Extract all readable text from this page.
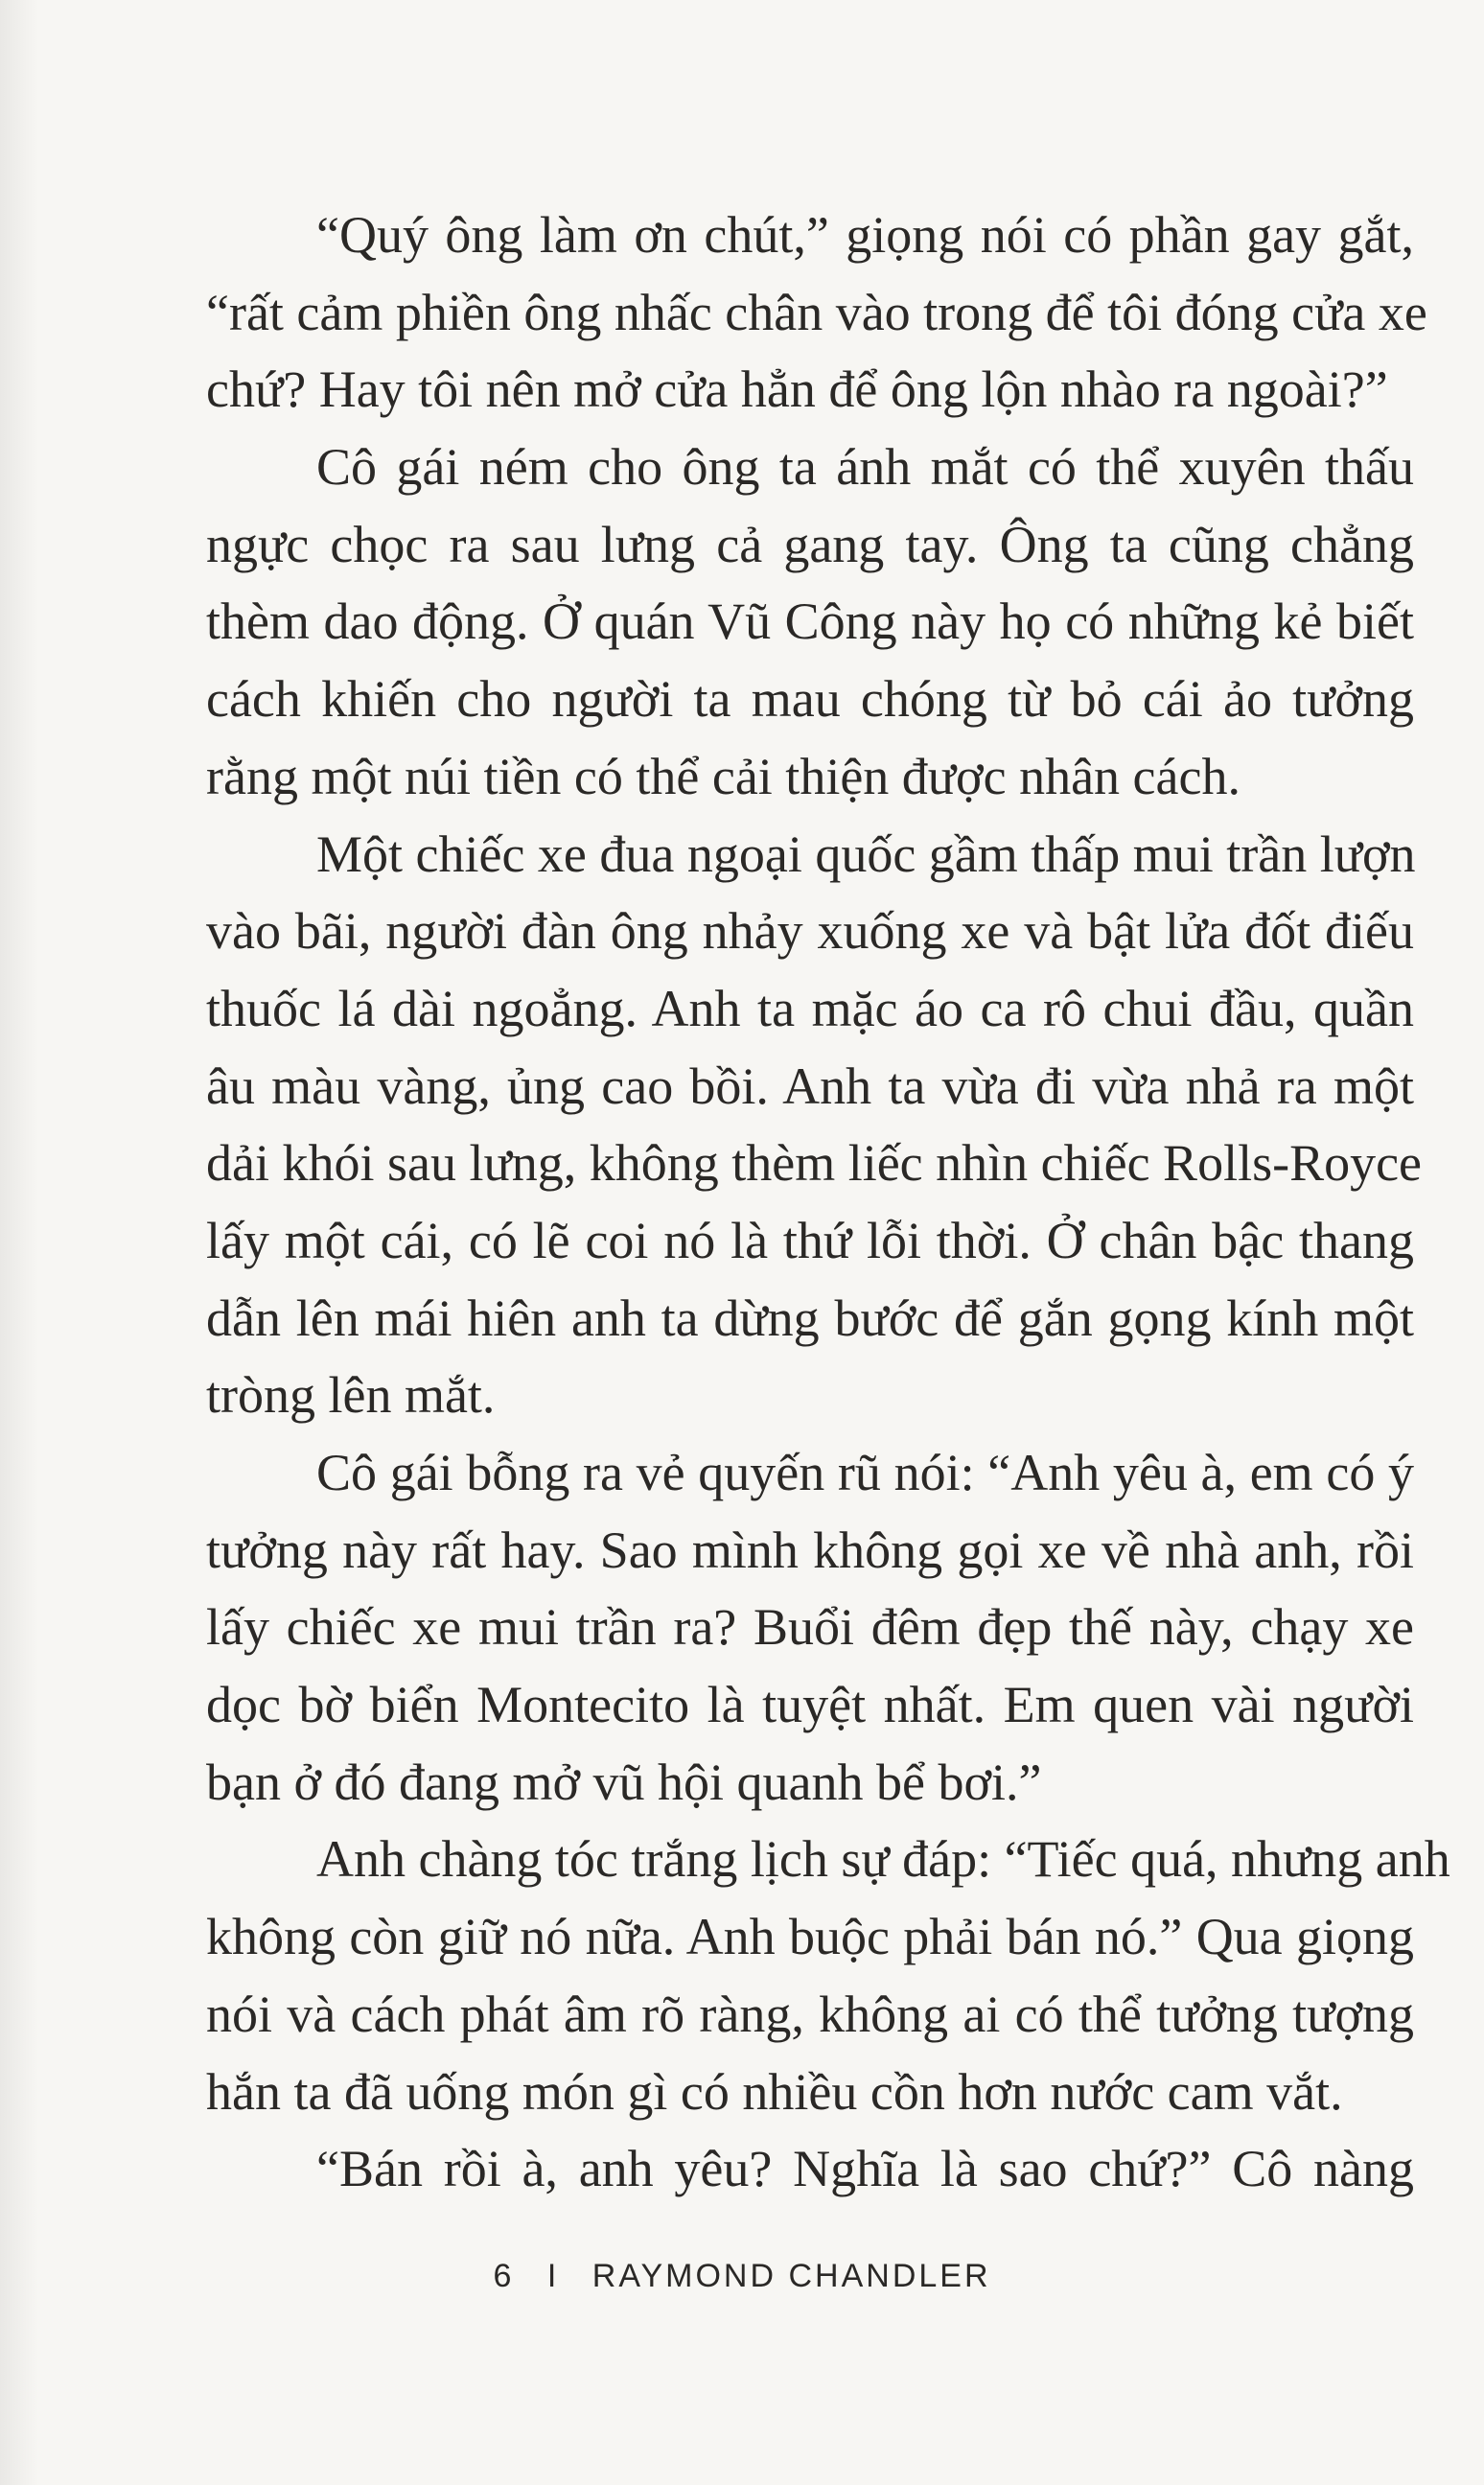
“Quý ông làm ơn chút,” giọng nói có phần gay gắt,
“rất cảm phiền ông nhấc chân vào trong để tôi đóng cửa xe
chứ? Hay tôi nên mở cửa hẳn để ông lộn nhào ra ngoài?”
Cô gái ném cho ông ta ánh mắt có thể xuyên thấu
ngực chọc ra sau lưng cả gang tay. Ông ta cũng chẳng
thèm dao động. Ở quán Vũ Công này họ có những kẻ biết
cách khiến cho người ta mau chóng từ bỏ cái ảo tưởng
rằng một núi tiền có thể cải thiện được nhân cách.
Một chiếc xe đua ngoại quốc gầm thấp mui trần lượn
vào bãi, người đàn ông nhảy xuống xe và bật lửa đốt điếu
thuốc lá dài ngoẳng. Anh ta mặc áo ca rô chui đầu, quần
âu màu vàng, ủng cao bồi. Anh ta vừa đi vừa nhả ra một
dải khói sau lưng, không thèm liếc nhìn chiếc Rolls-Royce
lấy một cái, có lẽ coi nó là thứ lỗi thời. Ở chân bậc thang
dẫn lên mái hiên anh ta dừng bước để gắn gọng kính một
tròng lên mắt.
Cô gái bỗng ra vẻ quyến rũ nói: “Anh yêu à, em có ý
tưởng này rất hay. Sao mình không gọi xe về nhà anh, rồi
lấy chiếc xe mui trần ra? Buổi đêm đẹp thế này, chạy xe
dọc bờ biển Montecito là tuyệt nhất. Em quen vài người
bạn ở đó đang mở vũ hội quanh bể bơi.”
Anh chàng tóc trắng lịch sự đáp: “Tiếc quá, nhưng anh
không còn giữ nó nữa. Anh buộc phải bán nó.” Qua giọng
nói và cách phát âm rõ ràng, không ai có thể tưởng tượng
hắn ta đã uống món gì có nhiều cồn hơn nước cam vắt.
“Bán rồi à, anh yêu? Nghĩa là sao chứ?” Cô nàng
6 I RAYMOND CHANDLER
